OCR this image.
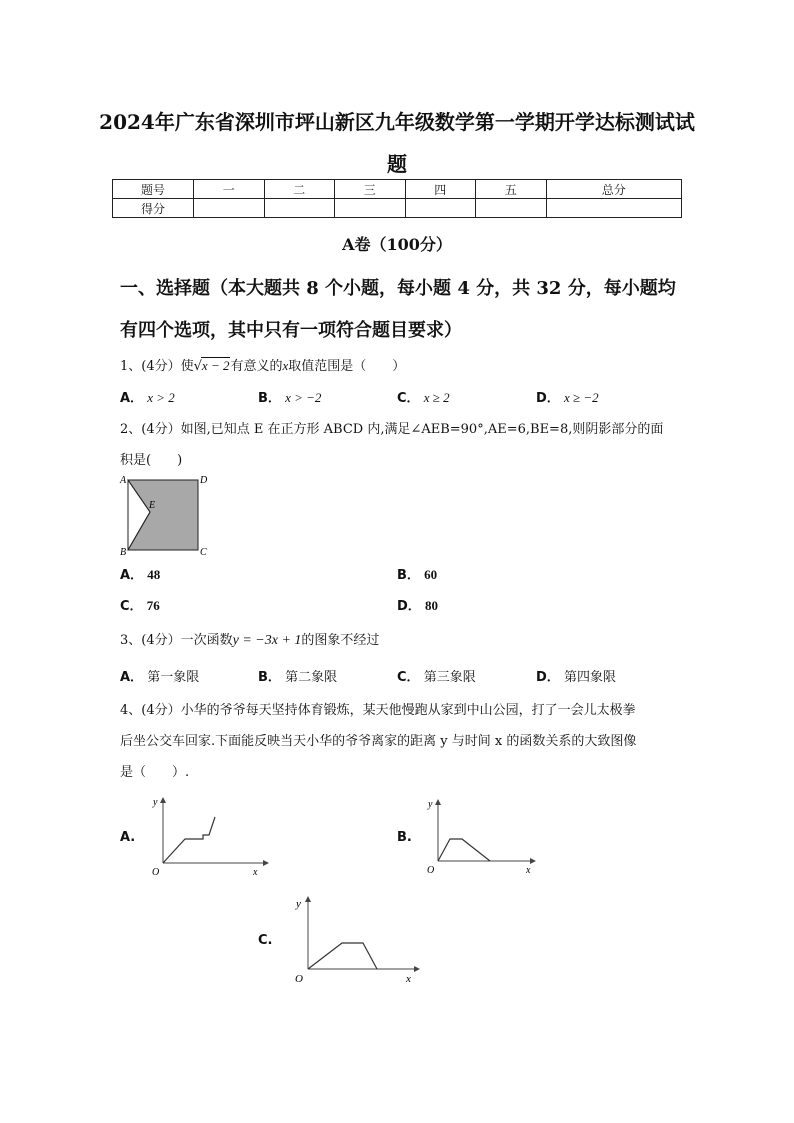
2024年广东省深圳市坪山新区九年级数学第一学期开学达标测试试
题
题号	一	二	三	四	五	总分
得分						
A卷（100分）
一、选择题（本大题共 8 个小题，每小题 4 分，共 32 分，每小题均
有四个选项，其中只有一项符合题目要求）
1、(4分）使√x − 2有意义的x取值范围是（　　）
A． x > 2	B． x > −2	C． x ≥ 2	D． x ≥ −2
2、(4分）如图,已知点 E 在正方形 ABCD 内,满足∠AEB=90°,AE=6,BE=8,则阴影部分的面
积是(　　)
A	D
B	C
E
A． 48	B． 60
C． 76	D． 80
3、(4分）一次函数y = −3x + 1的图象不经过
A． 第一象限	B． 第二象限	C． 第三象限	D． 第四象限
4、(4分）小华的爷爷每天坚持体育锻炼，某天他慢跑从家到中山公园，打了一会儿太极拳
后坐公交车回家.下面能反映当天小华的爷爷离家的距离 y 与时间 x 的函数关系的大致图像
是（　　）.
A.
y
x
O
B.
y
x
O
C.
y
x
O
